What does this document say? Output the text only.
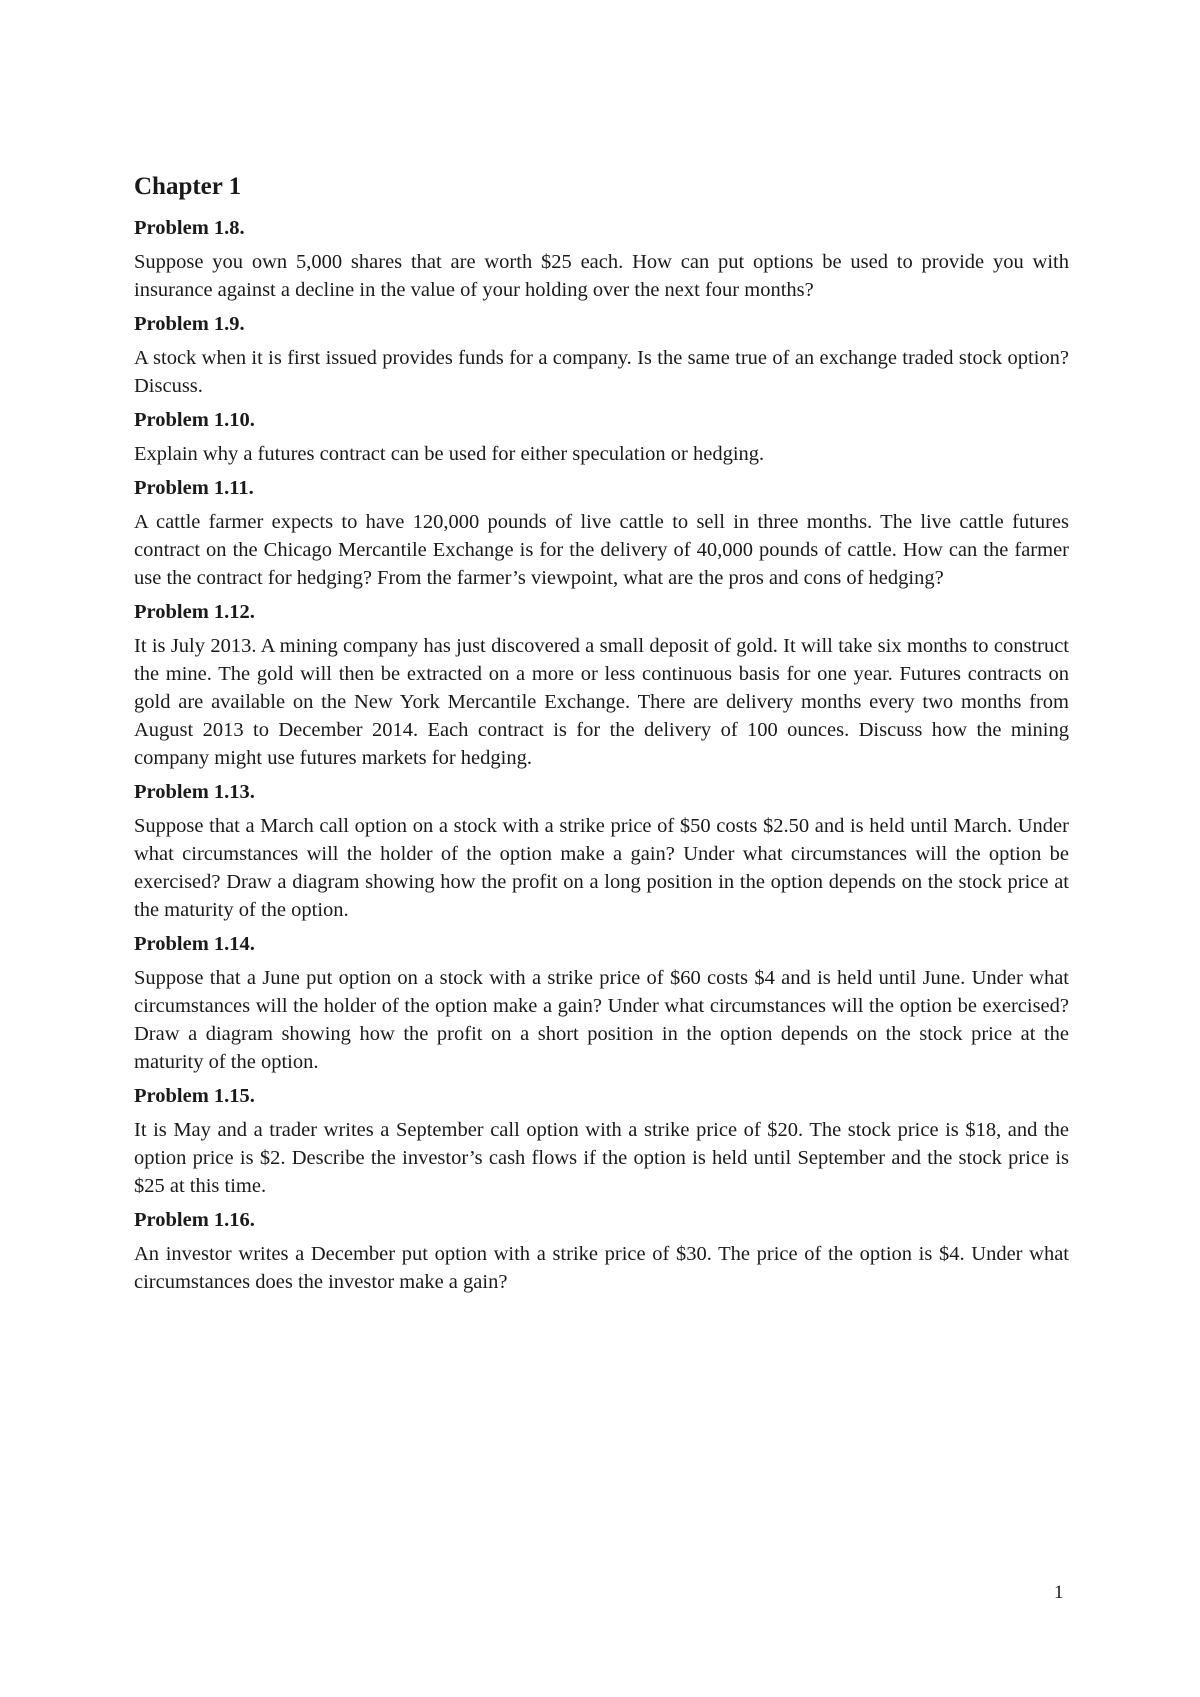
Chapter 1
Problem 1.8.
Suppose you own 5,000 shares that are worth $25 each. How can put options be used to provide you with insurance against a decline in the value of your holding over the next four months?
Problem 1.9.
A stock when it is first issued provides funds for a company. Is the same true of an exchange traded stock option? Discuss.
Problem 1.10.
Explain why a futures contract can be used for either speculation or hedging.
Problem 1.11.
A cattle farmer expects to have 120,000 pounds of live cattle to sell in three months. The live cattle futures contract on the Chicago Mercantile Exchange is for the delivery of 40,000 pounds of cattle. How can the farmer use the contract for hedging? From the farmer’s viewpoint, what are the pros and cons of hedging?
Problem 1.12.
It is July 2013. A mining company has just discovered a small deposit of gold. It will take six months to construct the mine. The gold will then be extracted on a more or less continuous basis for one year. Futures contracts on gold are available on the New York Mercantile Exchange. There are delivery months every two months from August 2013 to December 2014. Each contract is for the delivery of 100 ounces. Discuss how the mining company might use futures markets for hedging.
Problem 1.13.
Suppose that a March call option on a stock with a strike price of $50 costs $2.50 and is held until March. Under what circumstances will the holder of the option make a gain? Under what circumstances will the option be exercised? Draw a diagram showing how the profit on a long position in the option depends on the stock price at the maturity of the option.
Problem 1.14.
Suppose that a June put option on a stock with a strike price of $60 costs $4 and is held until June. Under what circumstances will the holder of the option make a gain? Under what circumstances will the option be exercised? Draw a diagram showing how the profit on a short position in the option depends on the stock price at the maturity of the option.
Problem 1.15.
It is May and a trader writes a September call option with a strike price of $20. The stock price is $18, and the option price is $2. Describe the investor’s cash flows if the option is held until September and the stock price is $25 at this time.
Problem 1.16.
An investor writes a December put option with a strike price of $30. The price of the option is $4. Under what circumstances does the investor make a gain?
1
